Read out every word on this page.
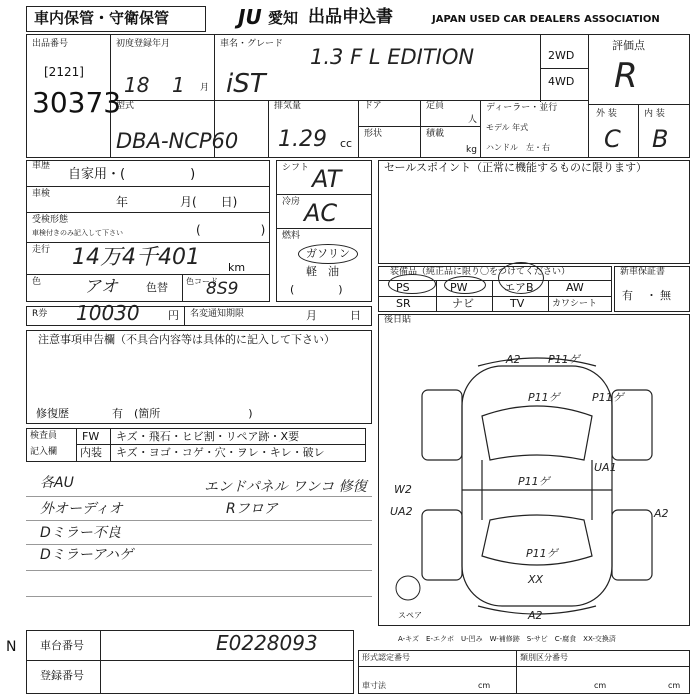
車内保管・守衛保管	JU 愛知 出品申込書	JAPAN USED CAR DEALERS ASSOCIATION
出品番号
[2121]
30373
初度登録年月
18 1 月
車名・グレード
1.3 F L EDITION
iST
2WD
4WD
評価点
R
外 装	内 装
C B
型式
DBA-NCP60
排気量
1.29 cc
ドア
形状
定員
人
積載
kg
ディーラー・並行
モデル 年式
ハンドル　左・右
車歴
自家用・(　　　　　)
車検
年	月(　　日)
受検形態
車検付きのみ記入して下さい	(　　　　　)
走行 14万4千401	km
色	アオ	色替 色コード
8S9
シフト AT
冷房 AC
燃料
ガソリン
軽　油
(　　　　)
セールスポイント（正常に機能するものに限ります）
装備品（純正品に限り〇をつけてください）
PS	PW	エアB	AW
SR	ナビ	TV	カワシート
新車保証書
有 ・ 無
R券 10030	円 名変通知期限	月	日	後日貼
注意事項申告欄（不具合内容等は具体的に記入して下さい）
修復歴	有　(箇所　　　　　　　　)
検査員
記入欄
FW キズ・飛石・ヒビ割・リペア跡・X要
内装 キズ・ヨゴ・コゲ・穴・ヲレ・キレ・破レ
各AU	エンドパネル ワンコ 修復
外オーディオ	Rフロア
Dミラー不良
Dミラーアハゲ
A2 P11ゲ
P11ゲ	P11ゲ
P11ゲ
UA1
W2
UA2	A2
P11ゲ
XX
A2
スペア
A-キズ　E-エクボ　U-凹み　W-補修跡　S-サビ　C-腐食　XX-交換済
車台番号	E0228093
登録番号
形式認定番号	類別区分番号
車寸法	cm	cm	cm
N
